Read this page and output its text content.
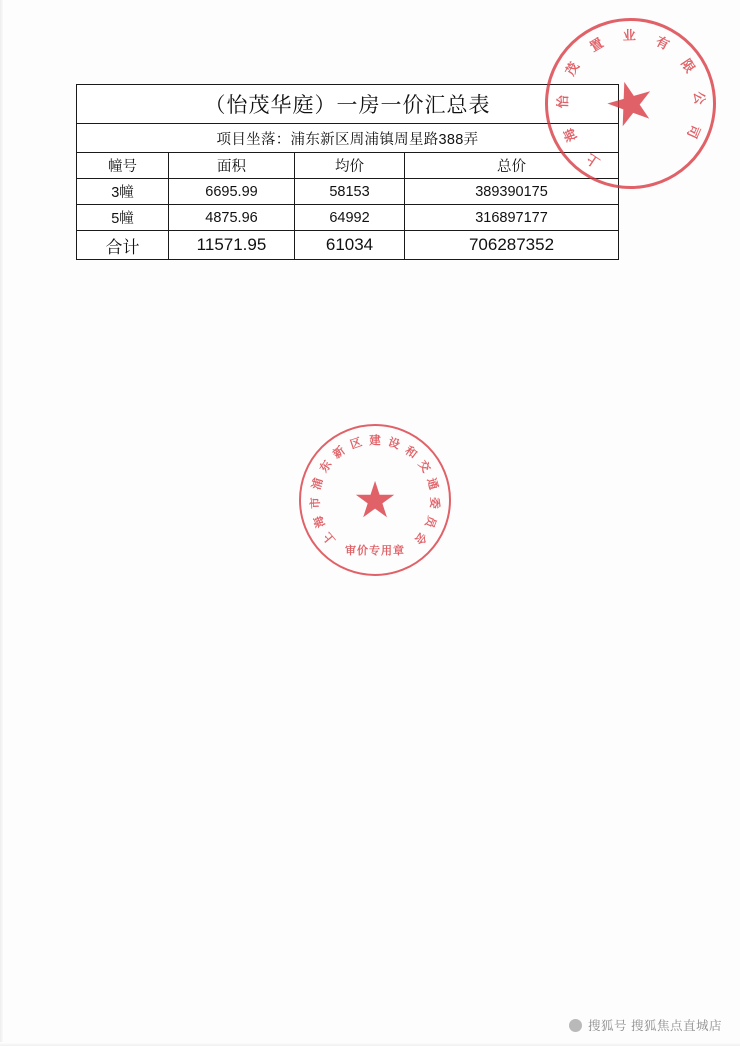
（怡茂华庭）一房一价汇总表			
项目坐落：浦东新区周浦镇周星路388弄			
幢号	面积	均价	总价
3幢	6695.99	58153	389390175
5幢	4875.96	64992	316897177
合计	11571.95	61034	706287352
上
海
怡
茂
置 业 有
限
公
司
★
上
海
市
浦
东
新
区 建 设
和
交
通
委
员
会
★
审价专用章
搜狐号 搜狐焦点直城店
